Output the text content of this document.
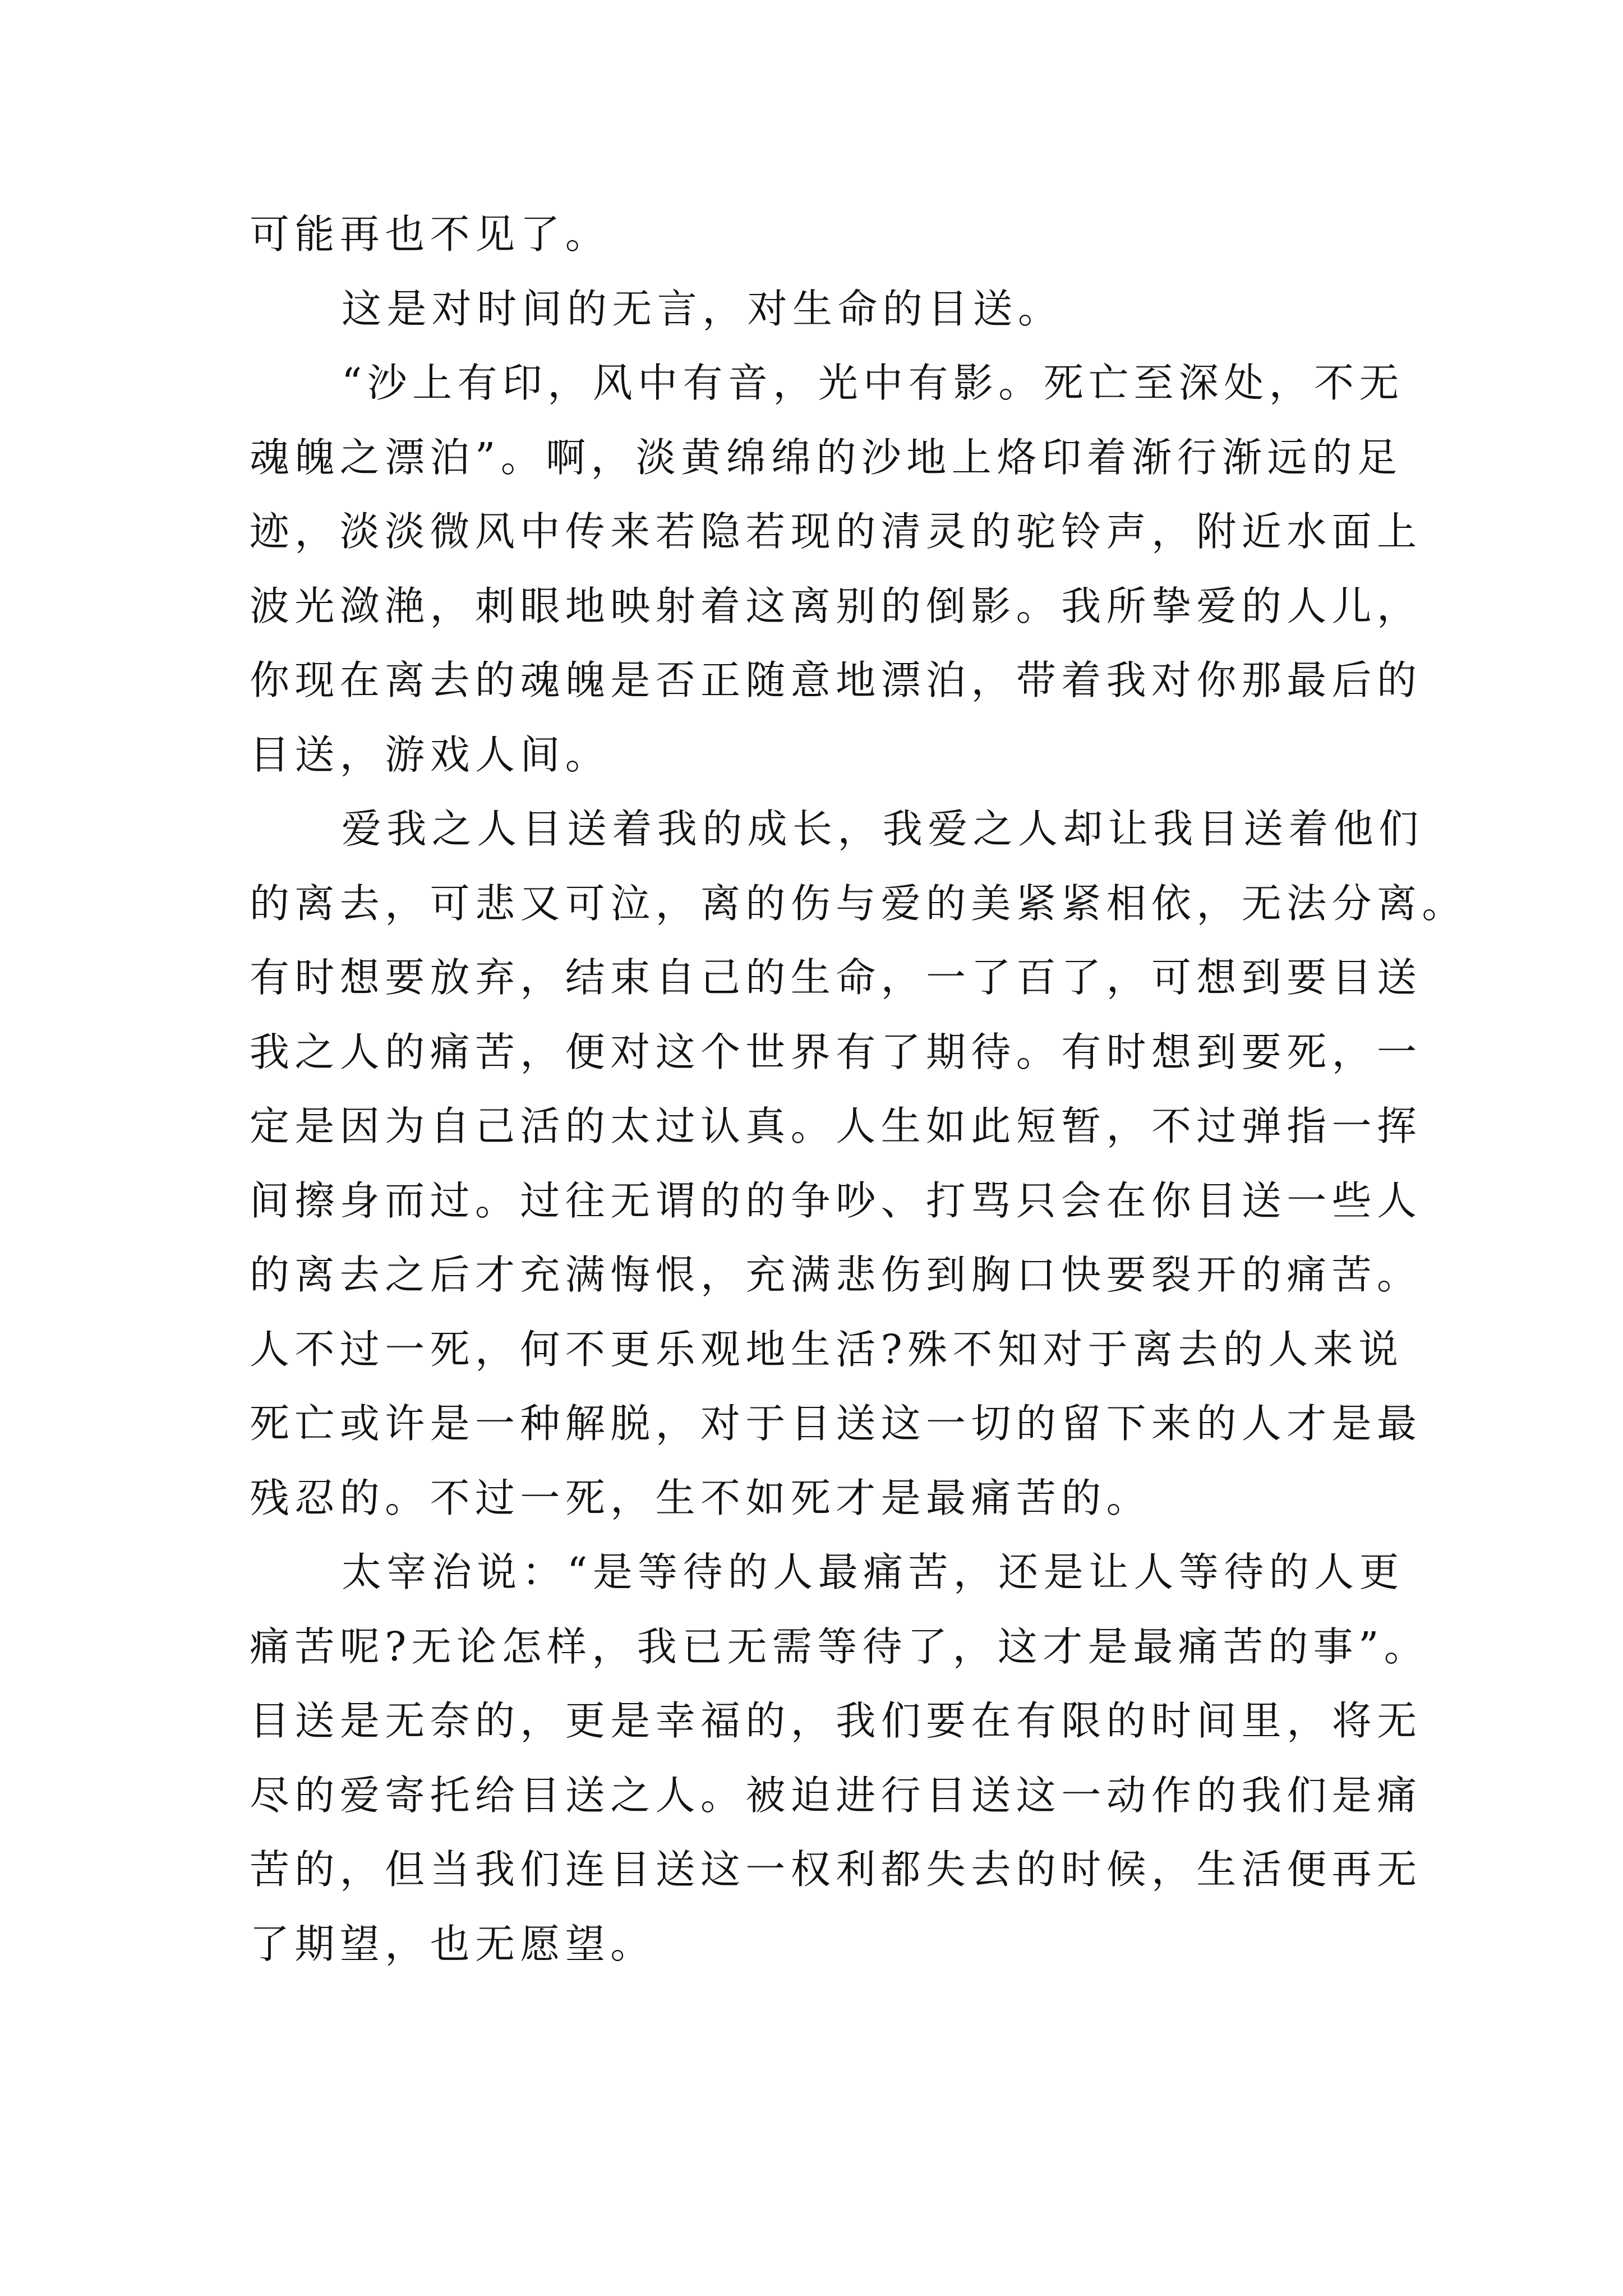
可能再也不见了。
这是对时间的无言，对生命的目送。
“沙上有印，风中有音，光中有影。死亡至深处，不无
魂魄之漂泊”。啊，淡黄绵绵的沙地上烙印着渐行渐远的足
迹，淡淡微风中传来若隐若现的清灵的驼铃声，附近水面上
波光潋滟，刺眼地映射着这离别的倒影。我所挚爱的人儿，
你现在离去的魂魄是否正随意地漂泊，带着我对你那最后的
目送，游戏人间。
爱我之人目送着我的成长，我爱之人却让我目送着他们
的离去，可悲又可泣，离的伤与爱的美紧紧相依，无法分离。
有时想要放弃，结束自己的生命，一了百了，可想到要目送
我之人的痛苦，便对这个世界有了期待。有时想到要死，一
定是因为自己活的太过认真。人生如此短暂，不过弹指一挥
间擦身而过。过往无谓的的争吵、打骂只会在你目送一些人
的离去之后才充满悔恨，充满悲伤到胸口快要裂开的痛苦。
人不过一死，何不更乐观地生活?殊不知对于离去的人来说
死亡或许是一种解脱，对于目送这一切的留下来的人才是最
残忍的。不过一死，生不如死才是最痛苦的。
太宰治说：“是等待的人最痛苦，还是让人等待的人更
痛苦呢?无论怎样，我已无需等待了，这才是最痛苦的事”。
目送是无奈的，更是幸福的，我们要在有限的时间里，将无
尽的爱寄托给目送之人。被迫进行目送这一动作的我们是痛
苦的，但当我们连目送这一权利都失去的时候，生活便再无
了期望，也无愿望。
